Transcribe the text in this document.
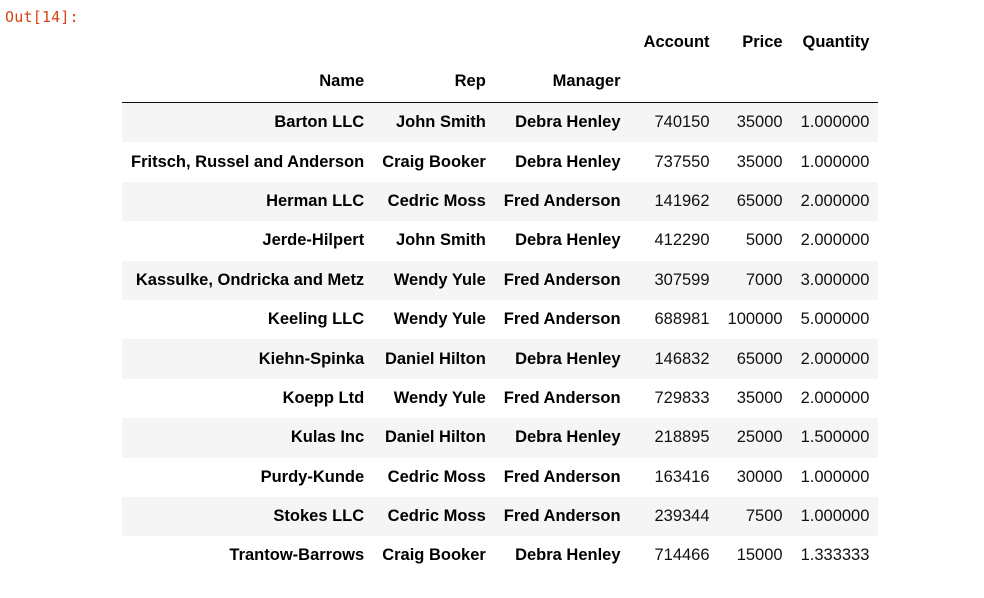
Out[14]:
			Account	Price	Quantity
Name	Rep	Manager			
Barton LLC	John Smith	Debra Henley	740150	35000	1.000000
Fritsch, Russel and Anderson	Craig Booker	Debra Henley	737550	35000	1.000000
Herman LLC	Cedric Moss	Fred Anderson	141962	65000	2.000000
Jerde-Hilpert	John Smith	Debra Henley	412290	5000	2.000000
Kassulke, Ondricka and Metz	Wendy Yule	Fred Anderson	307599	7000	3.000000
Keeling LLC	Wendy Yule	Fred Anderson	688981	100000	5.000000
Kiehn-Spinka	Daniel Hilton	Debra Henley	146832	65000	2.000000
Koepp Ltd	Wendy Yule	Fred Anderson	729833	35000	2.000000
Kulas Inc	Daniel Hilton	Debra Henley	218895	25000	1.500000
Purdy-Kunde	Cedric Moss	Fred Anderson	163416	30000	1.000000
Stokes LLC	Cedric Moss	Fred Anderson	239344	7500	1.000000
Trantow-Barrows	Craig Booker	Debra Henley	714466	15000	1.333333
